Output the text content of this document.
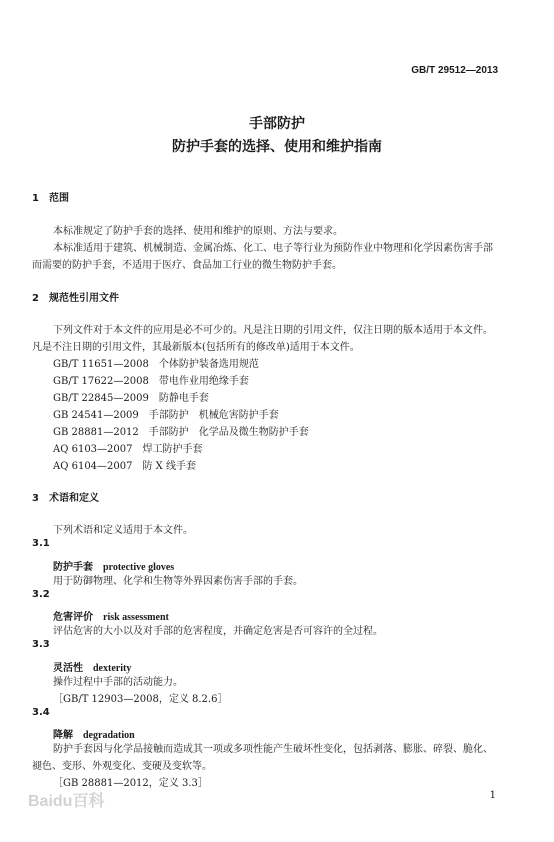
GB/T 29512—2013
手部防护
防护手套的选择、使用和维护指南
1　范围
本标准规定了防护手套的选择、使用和维护的原则、方法与要求。
本标准适用于建筑、机械制造、金属冶炼、化工、电子等行业为预防作业中物理和化学因素伤害手部
而需要的防护手套，不适用于医疗、食品加工行业的微生物防护手套。
2　规范性引用文件
下列文件对于本文件的应用是必不可少的。凡是注日期的引用文件，仅注日期的版本适用于本文件。
凡是不注日期的引用文件，其最新版本(包括所有的修改单)适用于本文件。
GB/T 11651—2008　个体防护装备选用规范
GB/T 17622—2008　带电作业用绝缘手套
GB/T 22845—2009　防静电手套
GB 24541—2009　手部防护　机械危害防护手套
GB 28881—2012　手部防护　化学品及微生物防护手套
AQ 6103—2007　焊工防护手套
AQ 6104—2007　防 X 线手套
3　术语和定义
下列术语和定义适用于本文件。
3.1
防护手套 protective gloves
用于防御物理、化学和生物等外界因素伤害手部的手套。
3.2
危害评价 risk assessment
评估危害的大小以及对手部的危害程度，并确定危害是否可容许的全过程。
3.3
灵活性 dexterity
操作过程中手部的活动能力。
［GB/T 12903—2008，定义 8.2.6］
3.4
降解 degradation
防护手套因与化学品接触而造成其一项或多项性能产生破坏性变化，包括剥落、膨胀、碎裂、脆化、
褪色、变形、外观变化、变硬及变软等。
［GB 28881—2012，定义 3.3］
Baidu百科	1
